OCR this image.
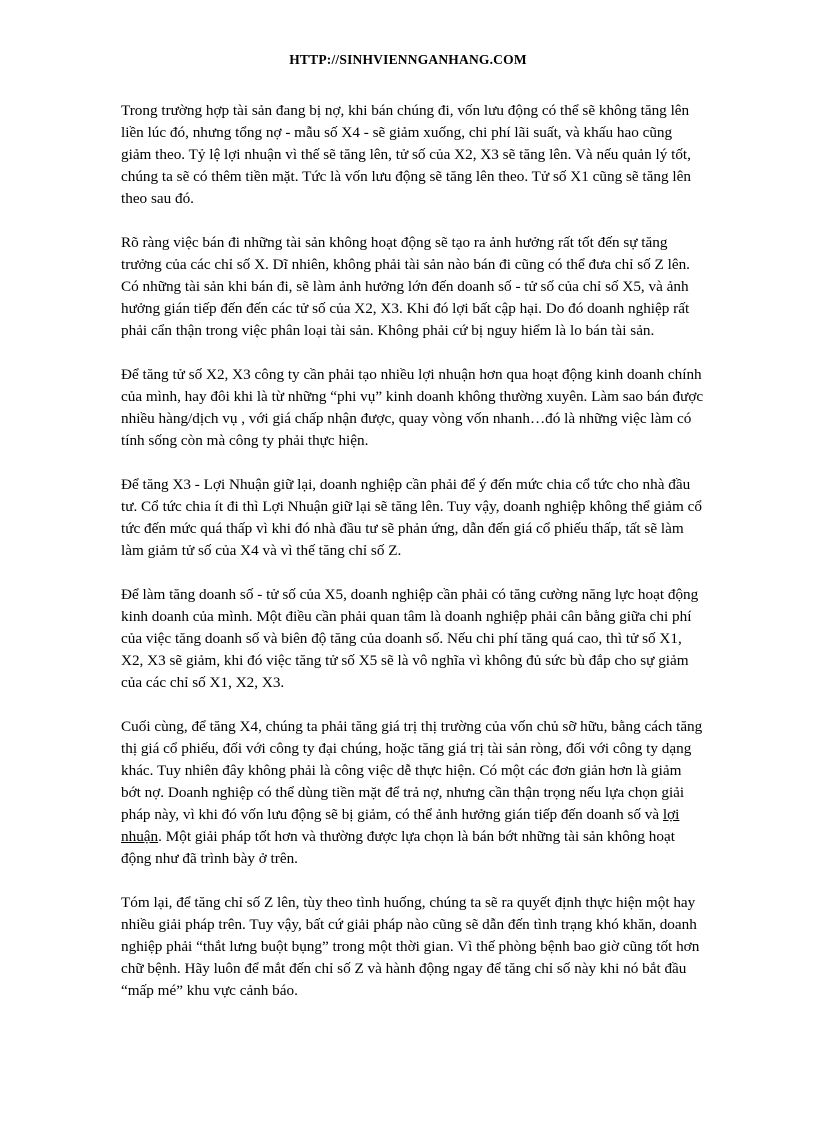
HTTP://SINHVIENNGANHANG.COM

Trong trường hợp tài sản đang bị nợ, khi bán chúng đi, vốn lưu động có thể sẽ không tăng lên liền lúc đó, nhưng tổng nợ - mẫu số X4 - sẽ giảm xuống, chi phí lãi suất, và khấu hao cũng giảm theo. Tỷ lệ lợi nhuận vì thế sẽ tăng lên, tử số của X2, X3 sẽ tăng lên. Và nếu quản lý tốt, chúng ta sẽ có thêm tiền mặt. Tức là vốn lưu động sẽ tăng lên theo. Tử số X1 cũng sẽ tăng lên theo sau đó.

Rõ ràng việc bán đi những tài sản không hoạt động sẽ tạo ra ảnh hưởng rất tốt đến sự tăng trưởng của các chỉ số X. Dĩ nhiên, không phải tài sản nào bán đi cũng có thể đưa chỉ số Z lên. Có những tài sản khi bán đi, sẽ làm ảnh hưởng lớn đến doanh số - tử số của chỉ số X5, và ảnh hưởng gián tiếp đến đến các tử số của X2, X3. Khi đó lợi bất cập hại. Do đó doanh nghiệp rất phải cẩn thận trong việc phân loại tài sản. Không phải cứ bị nguy hiểm là lo bán tài sản.

Để tăng tử số X2, X3 công ty cần phải tạo nhiều lợi nhuận hơn qua hoạt động kinh doanh chính của mình, hay đôi khi là từ những “phi vụ” kinh doanh không thường xuyên. Làm sao bán được nhiều hàng/dịch vụ , với giá chấp nhận được, quay vòng vốn nhanh…đó là những việc làm có tính sống còn mà công ty phải thực hiện.

Để tăng X3 - Lợi Nhuận giữ lại, doanh nghiệp cần phải để ý đến mức chia cổ tức cho nhà đầu tư. Cổ tức chia ít đi thì Lợi Nhuận giữ lại sẽ tăng lên. Tuy vậy, doanh nghiệp không thể giảm cổ tức đến mức quá thấp vì khi đó nhà đầu tư sẽ phản ứng, dẫn đến giá cổ phiếu thấp, tất sẽ làm làm giảm tử số của X4 và vì thế tăng chỉ số Z.

Để làm tăng doanh số - tử số của X5, doanh nghiệp cần phải có tăng cường năng lực hoạt động kinh doanh của mình. Một điều cần phải quan tâm là doanh nghiệp phải cân bằng giữa chi phí của việc tăng doanh số và biên độ tăng của doanh số. Nếu chi phí tăng quá cao, thì tử số X1, X2, X3 sẽ giảm, khi đó việc tăng tử số X5 sẽ là vô nghĩa vì không đủ sức bù đắp cho sự giảm của các chỉ số X1, X2, X3.

Cuối cùng, để tăng X4, chúng ta phải tăng giá trị thị trường của vốn chủ sỡ hữu, bằng cách tăng thị giá cổ phiếu, đối với công ty đại chúng, hoặc tăng giá trị tài sản ròng, đối với công ty dạng khác. Tuy nhiên đây không phải là công việc dễ thực hiện. Có một các đơn giản hơn là giảm bớt nợ. Doanh nghiệp có thể dùng tiền mặt để trả nợ, nhưng cần thận trọng nếu lựa chọn giải pháp này, vì khi đó vốn lưu động sẽ bị giảm, có thể ảnh hưởng gián tiếp đến doanh số và lợi nhuận. Một giải pháp tốt hơn và thường được lựa chọn là bán bớt những tài sản không hoạt động như đã trình bày ở trên.

Tóm lại, để tăng chỉ số Z lên, tùy theo tình huống, chúng ta sẽ ra quyết định thực hiện một hay nhiều giải pháp trên. Tuy vậy, bất cứ giải pháp nào cũng sẽ dẫn đến tình trạng khó khăn, doanh nghiệp phải “thắt lưng buột bụng” trong một thời gian. Vì thế phòng bệnh bao giờ cũng tốt hơn chữ bệnh. Hãy luôn để mắt đến chỉ số Z và hành động ngay để tăng chỉ số này khi nó bắt đầu “mấp mé” khu vực cảnh báo.
